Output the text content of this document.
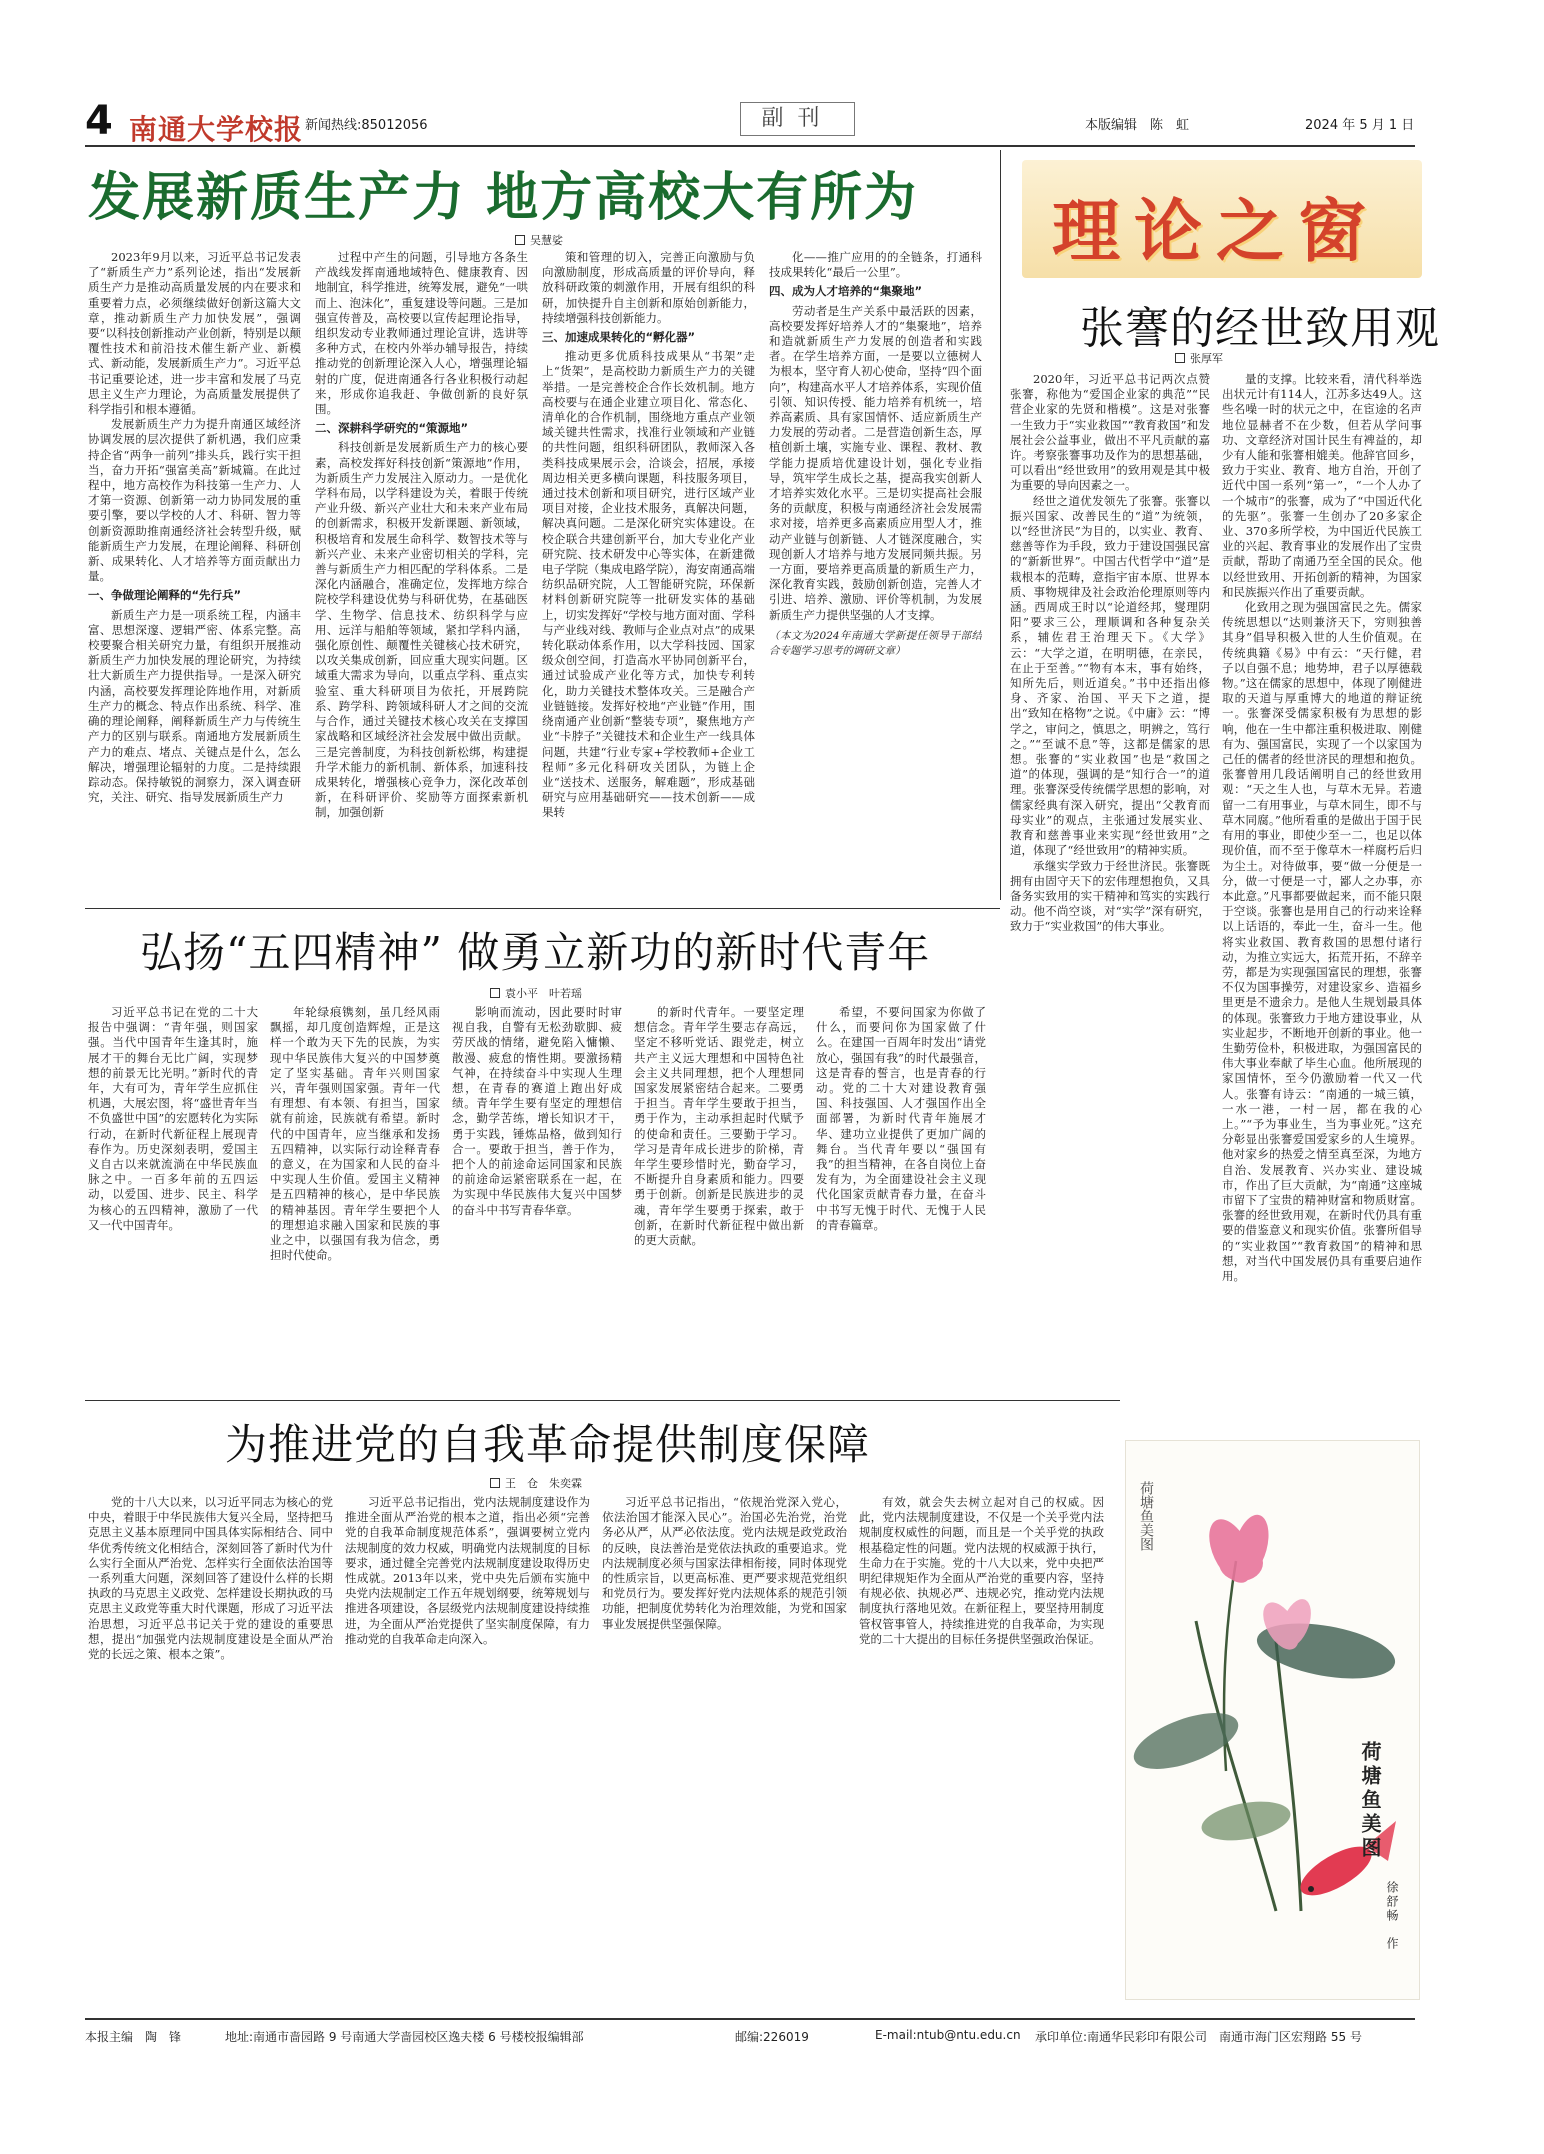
4 南通大学校报 新闻热线:85012056	副刊	本版编辑　陈　虹	2024 年 5 月 1 日
发展新质生产力 地方高校大有所为
吴慧娑

2023年9月以来，习近平总书记发表了“新质生产力”系列论述，指出“发展新质生产力是推动高质量发展的内在要求和重要着力点，必须继续做好创新这篇大文章，推动新质生产力加快发展”，强调要“以科技创新推动产业创新，特别是以颠覆性技术和前沿技术催生新产业、新模式、新动能，发展新质生产力”。习近平总书记重要论述，进一步丰富和发展了马克思主义生产力理论，为高质量发展提供了科学指引和根本遵循。

发展新质生产力为提升南通区域经济协调发展的层次提供了新机遇，我们应秉持企省“两争一前列”排头兵，践行实干担当，奋力开拓“强富美高”新城篇。在此过程中，地方高校作为科技第一生产力、人才第一资源、创新第一动力协同发展的重要引擎，要以学校的人才、科研、智力等创新资源助推南通经济社会转型升级，赋能新质生产力发展，在理论阐释、科研创新、成果转化、人才培养等方面贡献出力量。

一、争做理论阐释的“先行兵”

新质生产力是一项系统工程，内涵丰富、思想深邃、逻辑严密、体系完整。高校要聚合相关研究力量，有组织开展推动新质生产力加快发展的理论研究，为持续壮大新质生产力提供指导。一是深入研究内涵，高校要发挥理论阵地作用，对新质生产力的概念、特点作出系统、科学、准确的理论阐释，阐释新质生产力与传统生产力的区别与联系。南通地方发展新质生产力的难点、堵点、关键点是什么，怎么解决，增强理论辐射的力度。二是持续跟踪动态。保持敏锐的洞察力，深入调查研究，关注、研究、指导发展新质生产力

过程中产生的问题，引导地方各条生产战线发挥南通地域特色、健康教育、因地制宜，科学推进，统筹发展，避免“一哄而上、泡沫化”，重复建设等问题。三是加强宣传普及，高校要以宣传起理论指导，组织发动专业教师通过理论宣讲，选讲等多种方式，在校内外举办辅导报告，持续推动党的创新理论深入人心，增强理论辐射的广度，促进南通各行各业积极行动起来，形成你追我赶、争做创新的良好氛围。

二、深耕科学研究的“策源地”

科技创新是发展新质生产力的核心要素，高校发挥好科技创新“策源地”作用，为新质生产力发展注入原动力。一是优化学科布局，以学科建设为关，着眼于传统产业升级、新兴产业壮大和未来产业布局的创新需求，积极开发新课题、新领域，积极培育和发展生命科学、数智技术等与新兴产业、未来产业密切相关的学科，完善与新质生产力相匹配的学科体系。二是深化内涵融合，准确定位，发挥地方综合院校学科建设优势与科研优势，在基础医学、生物学、信息技术、纺织科学与应用、远洋与船舶等领域，紧扣学科内涵，强化原创性、颠覆性关键核心技术研究，以攻关集成创新，回应重大现实问题。区域重大需求为导向，以重点学科、重点实验室、重大科研项目为依托，开展跨院系、跨学科、跨领域科研人才之间的交流与合作，通过关键技术核心攻关在支撑国家战略和区域经济社会发展中做出贡献。三是完善制度，为科技创新松绑，构建提升学术能力的新机制、新体系，加速科技成果转化，增强核心竞争力，深化改革创新，在科研评价、奖励等方面探索新机制，加强创新

策和管理的切入，完善正向激励与负向激励制度，形成高质量的评价导向，释放科研政策的刺激作用，开展有组织的科研，加快提升自主创新和原始创新能力，持续增强科技创新能力。

三、加速成果转化的“孵化器”

推动更多优质科技成果从“书架”走上“货架”，是高校助力新质生产力的关键举措。一是完善校企合作长效机制。地方高校要与在通企业建立项目化、常态化、清单化的合作机制，围绕地方重点产业领域关键共性需求，找准行业领域和产业链的共性问题，组织科研团队，教师深入各类科技成果展示会，洽谈会，招展，承接周边相关更多横向课题，科技服务项目，通过技术创新和项目研究，进行区域产业项目对接，企业技术服务，真解决问题，解决真问题。二是深化研究实体建设。在校企联合共建创新平台，加大专业化产业研究院、技术研发中心等实体，在新建微电子学院（集成电路学院），海安南通高端纺织品研究院，人工智能研究院，环保新材料创新研究院等一批研发实体的基础上，切实发挥好“学校与地方面对面、学科与产业线对线、教师与企业点对点”的成果转化联动体系作用，以大学科技园、国家级众创空间，打造高水平协同创新平台，通过试验成产业化等方式，加快专利转化，助力关键技术整体攻关。三是融合产业链链接。发挥好校地“产业链”作用，围绕南通产业创新“整装专项”，聚焦地方产业“卡脖子”关键技术和企业生产一线具体问题，共建“行业专家+学校教师+企业工程师”多元化科研攻关团队，为链上企业“送技术、送服务，解难题”，形成基础研究与应用基础研究——技术创新——成果转

化——推广应用的的全链条，打通科技成果转化“最后一公里”。

四、成为人才培养的“集聚地”

劳动者是生产关系中最活跃的因素，高校要发挥好培养人才的“集聚地”，培养和造就新质生产力发展的创造者和实践者。在学生培养方面，一是要以立德树人为根本，坚守育人初心使命，坚持“四个面向”，构建高水平人才培养体系，实现价值引领、知识传授、能力培养有机统一，培养高素质、具有家国情怀、适应新质生产力发展的劳动者。二是营造创新生态，厚植创新土壤，实施专业、课程、教材、教学能力提质培优建设计划，强化专业指导，筑牢学生成长之基，提高我实创新人才培养实效化水平。三是切实提高社会服务的贡献度，积极与南通经济社会发展需求对接，培养更多高素质应用型人才，推动产业链与创新链、人才链深度融合，实现创新人才培养与地方发展同频共振。另一方面，要培养更高质量的新质生产力，深化教育实践，鼓励创新创造，完善人才引进、培养、激励、评价等机制，为发展新质生产力提供坚强的人才支撑。

（本文为2024年南通大学新提任领导干部结合专题学习思考的调研文章）

理论之窗
张謇的经世致用观
张厚军

2020年，习近平总书记两次点赞张謇，称他为“爱国企业家的典范”“民营企业家的先贤和楷模”。这是对张謇一生致力于“实业救国”“教育救国”和发展社会公益事业，做出不平凡贡献的嘉许。考察张謇事功及作为的思想基础，可以看出“经世致用”的致用观是其中极为重要的导向因素之一。

经世之道优发领先了张謇。张謇以振兴国家、改善民生的“道”为统领，以“经世济民”为目的，以实业、教育、慈善等作为手段，致力于建设国强民富的“新新世界”。中国古代哲学中“道”是栽根本的范畴，意指宇宙本原、世界本质、事物规律及社会政治伦理原则等内涵。西周成王时以“论道经邦，燮理阴阳”要求三公，理顺调和各种复杂关系，辅佐君王治理天下。《大学》云：“大学之道，在明明德，在亲民，在止于至善。”“物有本末，事有始终，知所先后，则近道矣。”书中还指出修身、齐家、治国、平天下之道，提出“致知在格物”之说。《中庸》云：“博学之，审问之，慎思之，明辨之，笃行之。”“至诚不息”等，这都是儒家的思想。张謇的“实业救国”也是“救国之道”的体现，强调的是“知行合一”的道理。张謇深受传统儒学思想的影响，对儒家经典有深入研究，提出“父教育而母实业”的观点，主张通过发展实业、教育和慈善事业来实现“经世致用”之道，体现了“经世致用”的精神实质。

承继实学致力于经世济民。张謇既拥有由固守天下的宏伟理想抱负，又具备务实致用的实干精神和笃实的实践行动。他不尚空谈，对“实学”深有研究，致力于“实业救国”的伟大事业。

量的支撑。比较来看，清代科举选出状元计有114人，江苏多达49人。这些名噪一时的状元之中，在宦途的名声地位显赫者不在少数，但若从学问事功、文章经济对国计民生有裨益的，却少有人能和张謇相媲美。他辞官回乡，致力于实业、教育、地方自治，开创了近代中国一系列“第一”，“一个人办了一个城市”的张謇，成为了“中国近代化的先驱”。张謇一生创办了20多家企业、370多所学校，为中国近代民族工业的兴起、教育事业的发展作出了宝贵贡献，帮助了南通乃至全国的民众。他以经世致用、开拓创新的精神，为国家和民族振兴作出了重要贡献。

化致用之现为强国富民之先。儒家传统思想以“达则兼济天下，穷则独善其身”倡导积极入世的人生价值观。在传统典籍《易》中有云：“天行健，君子以自强不息；地势坤，君子以厚德载物。”这在儒家的思想中，体现了刚健进取的天道与厚重博大的地道的辩证统一。张謇深受儒家积极有为思想的影响，他在一生中都注重积极进取、刚健有为、强国富民，实现了一个以家国为己任的儒者的经世济民的理想和抱负。张謇曾用几段话阐明自己的经世致用观：“天之生人也，与草木无异。若遗留一二有用事业，与草木同生，即不与草木同腐。”他所看重的是做出于国于民有用的事业，即使少至一二，也足以体现价值，而不至于像草木一样腐朽后归为尘土。对待做事，要“做一分便是一分，做一寸便是一寸，鄙人之办事，亦本此意。”凡事都要做起来，而不能只限于空谈。张謇也是用自己的行动来诠释以上话语的，奉此一生，奋斗一生。他将实业救国、教育救国的思想付诸行动，为推立实远大，拓荒开拓，不辞辛劳，都是为实现强国富民的理想，张謇不仅为国事操劳，对建设家乡、造福乡里更是不遗余力。是他人生规划最具体的体现。张謇致力于地方建设事业，从实业起步，不断地开创新的事业。他一生勤劳俭朴，积极进取，为强国富民的伟大事业奉献了毕生心血。他所展现的家国情怀，至今仍激励着一代又一代人。张謇有诗云：“南通的一城三镇，一水一港，一村一居，都在我的心上。”“予为事业生，当为事业死。”这充分彰显出张謇爱国爱家乡的人生境界。他对家乡的热爱之情至真至深，为地方自治、发展教育、兴办实业、建设城市，作出了巨大贡献，为“南通”这座城市留下了宝贵的精神财富和物质财富。张謇的经世致用观，在新时代仍具有重要的借鉴意义和现实价值。张謇所倡导的“实业救国”“教育救国”的精神和思想，对当代中国发展仍具有重要启迪作用。

弘扬“五四精神” 做勇立新功的新时代青年
袁小平　叶若瑶

习近平总书记在党的二十大报告中强调：“青年强，则国家强。当代中国青年生逢其时，施展才干的舞台无比广阔，实现梦想的前景无比光明。”新时代的青年，大有可为，青年学生应抓住机遇，大展宏图，将“盛世青年当不负盛世中国”的宏愿转化为实际行动，在新时代新征程上展现青春作为。历史深刻表明，爱国主义自古以来就流淌在中华民族血脉之中。一百多年前的五四运动，以爱国、进步、民主、科学为核心的五四精神，激励了一代又一代中国青年。

年轮绿痕镌刻，虽几经风雨飘摇，却几度创造辉煌，正是这样一个敢为天下先的民族，为实现中华民族伟大复兴的中国梦奠定了坚实基础。青年兴则国家兴，青年强则国家强。青年一代有理想、有本领、有担当，国家就有前途，民族就有希望。新时代的中国青年，应当继承和发扬五四精神，以实际行动诠释青春的意义，在为国家和人民的奋斗中实现人生价值。爱国主义精神是五四精神的核心，是中华民族的精神基因。青年学生要把个人的理想追求融入国家和民族的事业之中，以强国有我为信念，勇担时代使命。

影响而流动，因此要时时审视自我，自警有无松劲歇脚、疲劳厌战的情绪，避免陷入慵懒、散漫、疲怠的惰性期。要激扬精气神，在持续奋斗中实现人生理想，在青春的赛道上跑出好成绩。青年学生要有坚定的理想信念，勤学苦练，增长知识才干，勇于实践，锤炼品格，做到知行合一。要敢于担当，善于作为，把个人的前途命运同国家和民族的前途命运紧密联系在一起，在为实现中华民族伟大复兴中国梦的奋斗中书写青春华章。

的新时代青年。一要坚定理想信念。青年学生要志存高远，坚定不移听党话、跟党走，树立共产主义远大理想和中国特色社会主义共同理想，把个人理想同国家发展紧密结合起来。二要勇于担当。青年学生要敢于担当，勇于作为，主动承担起时代赋予的使命和责任。三要勤于学习。学习是青年成长进步的阶梯，青年学生要珍惜时光，勤奋学习，不断提升自身素质和能力。四要勇于创新。创新是民族进步的灵魂，青年学生要勇于探索，敢于创新，在新时代新征程中做出新的更大贡献。

希望，不要问国家为你做了什么，而要问你为国家做了什么。在建国一百周年时发出“请党放心，强国有我”的时代最强音，这是青春的誓言，也是青春的行动。党的二十大对建设教育强国、科技强国、人才强国作出全面部署，为新时代青年施展才华、建功立业提供了更加广阔的舞台。当代青年要以“强国有我”的担当精神，在各自岗位上奋发有为，为全面建设社会主义现代化国家贡献青春力量，在奋斗中书写无愧于时代、无愧于人民的青春篇章。

为推进党的自我革命提供制度保障
王　仓　朱奕霖

党的十八大以来，以习近平同志为核心的党中央，着眼于中华民族伟大复兴全局，坚持把马克思主义基本原理同中国具体实际相结合、同中华优秀传统文化相结合，深刻回答了新时代为什么实行全面从严治党、怎样实行全面依法治国等一系列重大问题，深刻回答了建设什么样的长期执政的马克思主义政党、怎样建设长期执政的马克思主义政党等重大时代课题，形成了习近平法治思想，习近平总书记关于党的建设的重要思想，提出“加强党内法规制度建设是全面从严治党的长远之策、根本之策”。

习近平总书记指出，党内法规制度建设作为推进全面从严治党的根本之道，指出必须“完善党的自我革命制度规范体系”，强调要树立党内法规制度的效力权威，明确党内法规制度的目标要求，通过健全完善党内法规制度建设取得历史性成就。2013年以来，党中央先后颁布实施中央党内法规制定工作五年规划纲要，统筹规划与推进各项建设，各层级党内法规制度建设持续推进，为全面从严治党提供了坚实制度保障，有力推动党的自我革命走向深入。

习近平总书记指出，“依规治党深入党心，依法治国才能深入民心”。治国必先治党，治党务必从严，从严必依法度。党内法规是政党政治的反映，良法善治是党依法执政的重要追求。党内法规制度必须与国家法律相衔接，同时体现党的性质宗旨，以更高标准、更严要求规范党组织和党员行为。要发挥好党内法规体系的规范引领功能，把制度优势转化为治理效能，为党和国家事业发展提供坚强保障。

有效，就会失去树立起对自己的权威。因此，党内法规制度建设，不仅是一个关乎党内法规制度权威性的问题，而且是一个关乎党的执政根基稳定性的问题。党内法规的权威源于执行，生命力在于实施。党的十八大以来，党中央把严明纪律规矩作为全面从严治党的重要内容，坚持有规必依、执规必严、违规必究，推动党内法规制度执行落地见效。在新征程上，要坚持用制度管权管事管人，持续推进党的自我革命，为实现党的二十大提出的目标任务提供坚强政治保证。

荷塘鱼美图
荷塘鱼美图
徐舒畅　作
本报主编　陶　锋	地址:南通市啬园路 9 号南通大学啬园校区逸夫楼 6 号楼校报编辑部	邮编:226019	E-mail:ntub@ntu.edu.cn 承印单位:南通华民彩印有限公司　南通市海门区宏翔路 55 号
